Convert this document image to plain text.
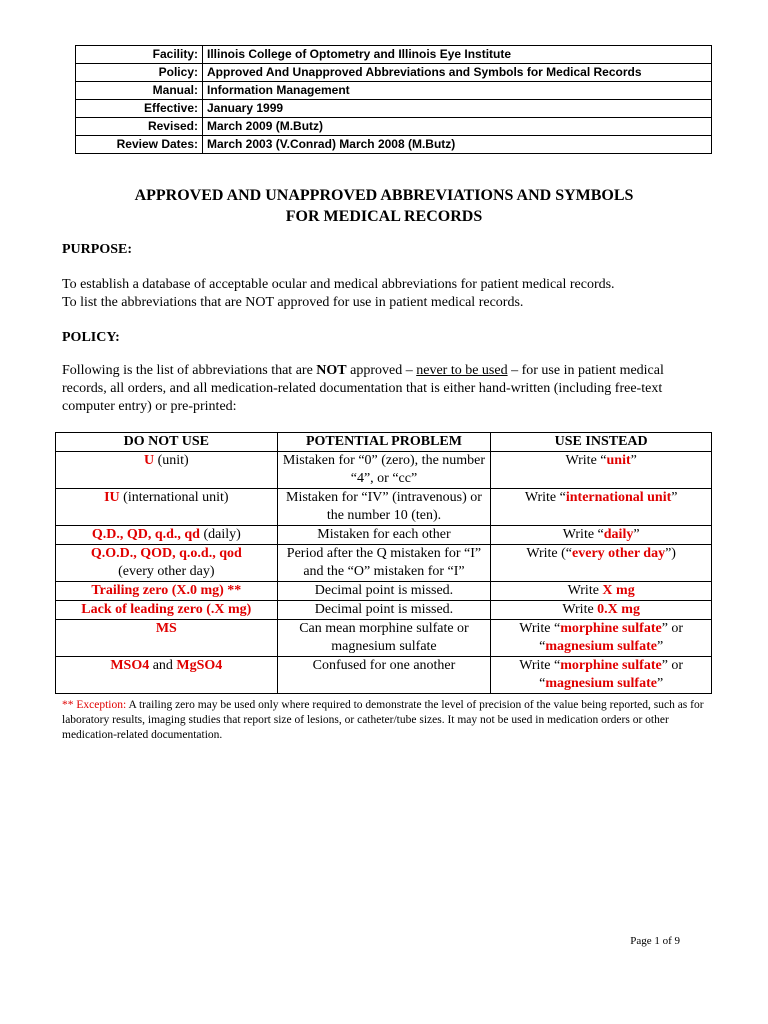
Facility:	Illinois College of Optometry and Illinois Eye Institute
Policy:	Approved And Unapproved Abbreviations and Symbols for Medical Records
Manual:	Information Management
Effective:	January 1999
Revised:	March 2009 (M.Butz)
Review Dates:	March 2003 (V.Conrad) March 2008 (M.Butz)
APPROVED AND UNAPPROVED ABBREVIATIONS AND SYMBOLS
FOR MEDICAL RECORDS
PURPOSE:
To establish a database of acceptable ocular and medical abbreviations for patient medical records.
To list the abbreviations that are NOT approved for use in patient medical records.
POLICY:
Following is the list of abbreviations that are NOT approved – never to be used – for use in patient medical records, all orders, and all medication-related documentation that is either hand-written (including free-text computer entry) or pre-printed:
DO NOT USE	POTENTIAL PROBLEM	USE INSTEAD
U (unit)	Mistaken for “0” (zero), the number “4”, or “cc”	Write “unit”
IU (international unit)	Mistaken for “IV” (intravenous) or the number 10 (ten).	Write “international unit”
Q.D., QD, q.d., qd (daily)	Mistaken for each other	Write “daily”
Q.O.D., QOD, q.o.d., qod
(every other day)	Period after the Q mistaken for “I” and the “O” mistaken for “I”	Write (“every other day”)
Trailing zero (X.0 mg) **	Decimal point is missed.	Write X mg
Lack of leading zero (.X mg)	Decimal point is missed.	Write 0.X mg
MS	Can mean morphine sulfate or magnesium sulfate	Write “morphine sulfate” or
“magnesium sulfate”
MSO4 and MgSO4	Confused for one another	Write “morphine sulfate” or
“magnesium sulfate”
** Exception: A trailing zero may be used only where required to demonstrate the level of precision of the value being reported, such as for laboratory results, imaging studies that report size of lesions, or catheter/tube sizes. It may not be used in medication orders or other medication-related documentation.
Page 1 of 9
